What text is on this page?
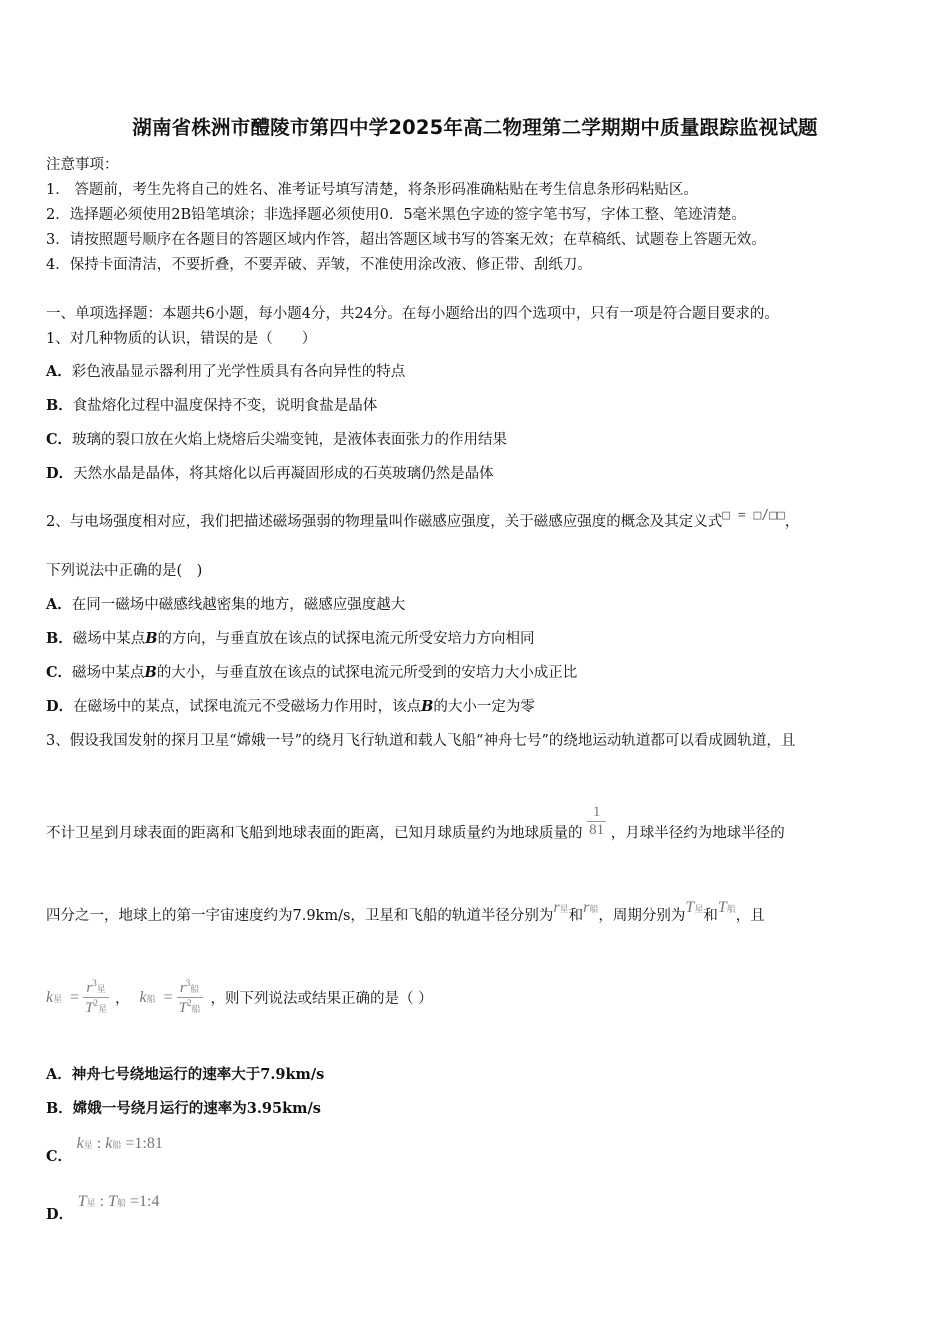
湖南省株洲市醴陵市第四中学2025年高二物理第二学期期中质量跟踪监视试题
注意事项：
1． 答题前，考生先将自己的姓名、准考证号填写清楚，将条形码准确粘贴在考生信息条形码粘贴区。
2．选择题必须使用2B铅笔填涂；非选择题必须使用0．5毫米黑色字迹的签字笔书写，字体工整、笔迹清楚。
3．请按照题号顺序在各题目的答题区域内作答，超出答题区域书写的答案无效；在草稿纸、试题卷上答题无效。
4．保持卡面清洁，不要折叠，不要弄破、弄皱，不准使用涂改液、修正带、刮纸刀。
一、单项选择题：本题共6小题，每小题4分，共24分。在每小题给出的四个选项中，只有一项是符合题目要求的。
1、对几种物质的认识，错误的是（　　）
A．彩色液晶显示器利用了光学性质具有各向异性的特点
B．食盐熔化过程中温度保持不变，说明食盐是晶体
C．玻璃的裂口放在火焰上烧熔后尖端变钝，是液体表面张力的作用结果
D．天然水晶是晶体，将其熔化以后再凝固形成的石英玻璃仍然是晶体
2、与电场强度相对应，我们把描述磁场强弱的物理量叫作磁感应强度，关于磁感应强度的概念及其定义式□ = □/□□，
下列说法中正确的是(　)
A．在同一磁场中磁感线越密集的地方，磁感应强度越大
B．磁场中某点B的方向，与垂直放在该点的试探电流元所受安培力方向相同
C．磁场中某点B的大小，与垂直放在该点的试探电流元所受到的安培力大小成正比
D．在磁场中的某点，试探电流元不受磁场力作用时，该点B的大小一定为零
3、假设我国发射的探月卫星“嫦娥一号”的绕月飞行轨道和载人飞船“神舟七号”的绕地运动轨道都可以看成圆轨道，且
不计卫星到月球表面的距离和飞船到地球表面的距离，已知月球质量约为地球质量的 $\frac{1}{81}$ ，月球半径约为地球半径的
四分之一，地球上的第一宇宙速度约为7.9km/s，卫星和飞船的轨道半径分别为r星和r船，周期分别为T星和T船，且
k星 = $\frac{r^3星}{T^2星}$ ， k船 = $\frac{r^3船}{T^2船}$ ，则下列说法或结果正确的是（ ）
A．神舟七号绕地运行的速率大于7.9km/s
B．嫦娥一号绕月运行的速率为3.95km/s
C． k星 : k船 =1:81
D． T星 : T船 =1:4
